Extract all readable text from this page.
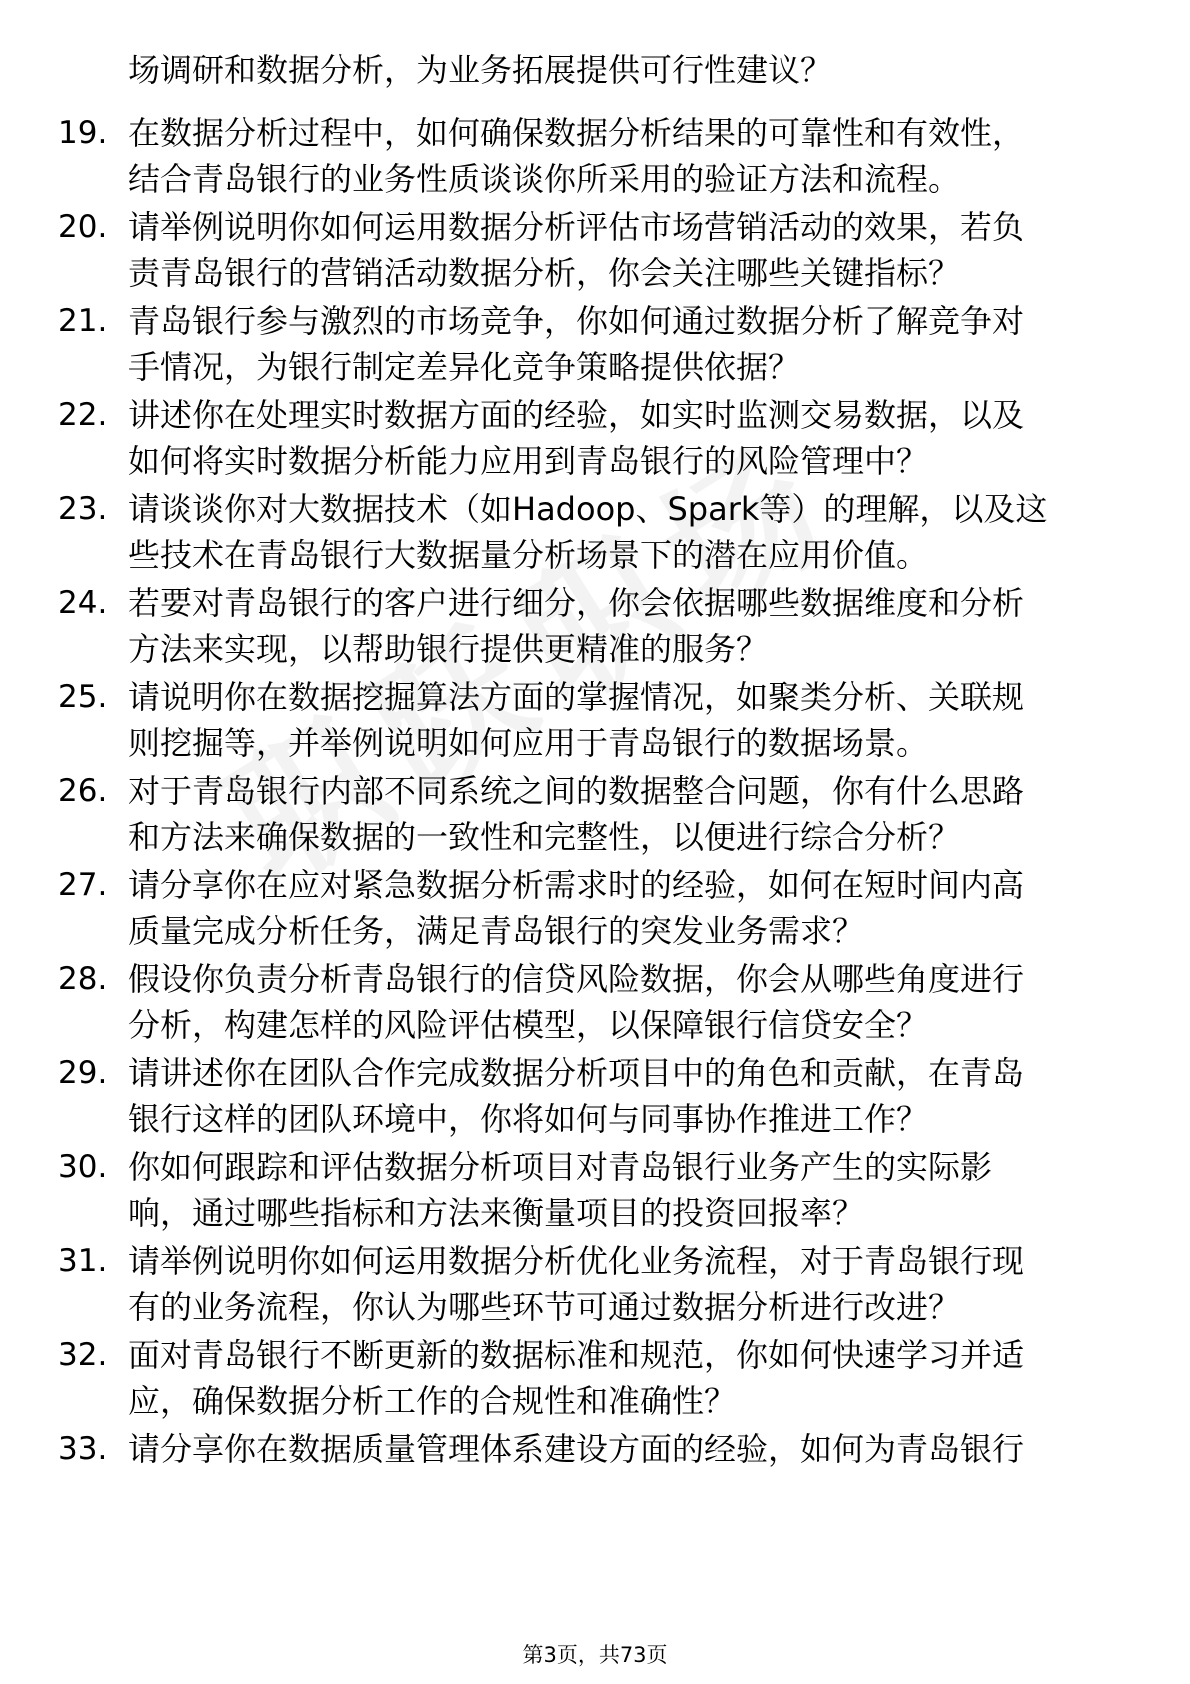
场调研和数据分析，为业务拓展提供可行性建议？

19. 在数据分析过程中，如何确保数据分析结果的可靠性和有效性，

结合青岛银行的业务性质谈谈你所采用的验证方法和流程。

20. 请举例说明你如何运用数据分析评估市场营销活动的效果，若负

责青岛银行的营销活动数据分析，你会关注哪些关键指标？

21. 青岛银行参与激烈的市场竞争，你如何通过数据分析了解竞争对

手情况，为银行制定差异化竞争策略提供依据？

22. 讲述你在处理实时数据方面的经验，如实时监测交易数据，以及

如何将实时数据分析能力应用到青岛银行的风险管理中？

23. 请谈谈你对大数据技术（如Hadoop、Spark等）的理解，以及这

些技术在青岛银行大数据量分析场景下的潜在应用价值。

24. 若要对青岛银行的客户进行细分，你会依据哪些数据维度和分析

方法来实现，以帮助银行提供更精准的服务？

25. 请说明你在数据挖掘算法方面的掌握情况，如聚类分析、关联规

则挖掘等，并举例说明如何应用于青岛银行的数据场景。

26. 对于青岛银行内部不同系统之间的数据整合问题，你有什么思路

和方法来确保数据的一致性和完整性，以便进行综合分析？

27. 请分享你在应对紧急数据分析需求时的经验，如何在短时间内高

质量完成分析任务，满足青岛银行的突发业务需求？

28. 假设你负责分析青岛银行的信贷风险数据，你会从哪些角度进行

分析，构建怎样的风险评估模型，以保障银行信贷安全？

29. 请讲述你在团队合作完成数据分析项目中的角色和贡献，在青岛

银行这样的团队环境中，你将如何与同事协作推进工作？

30. 你如何跟踪和评估数据分析项目对青岛银行业务产生的实际影

响，通过哪些指标和方法来衡量项目的投资回报率？

31. 请举例说明你如何运用数据分析优化业务流程，对于青岛银行现

有的业务流程，你认为哪些环节可通过数据分析进行改进？

32. 面对青岛银行不断更新的数据标准和规范，你如何快速学习并适

应，确保数据分析工作的合规性和准确性？

33. 请分享你在数据质量管理体系建设方面的经验，如何为青岛银行

第3页，共73页
